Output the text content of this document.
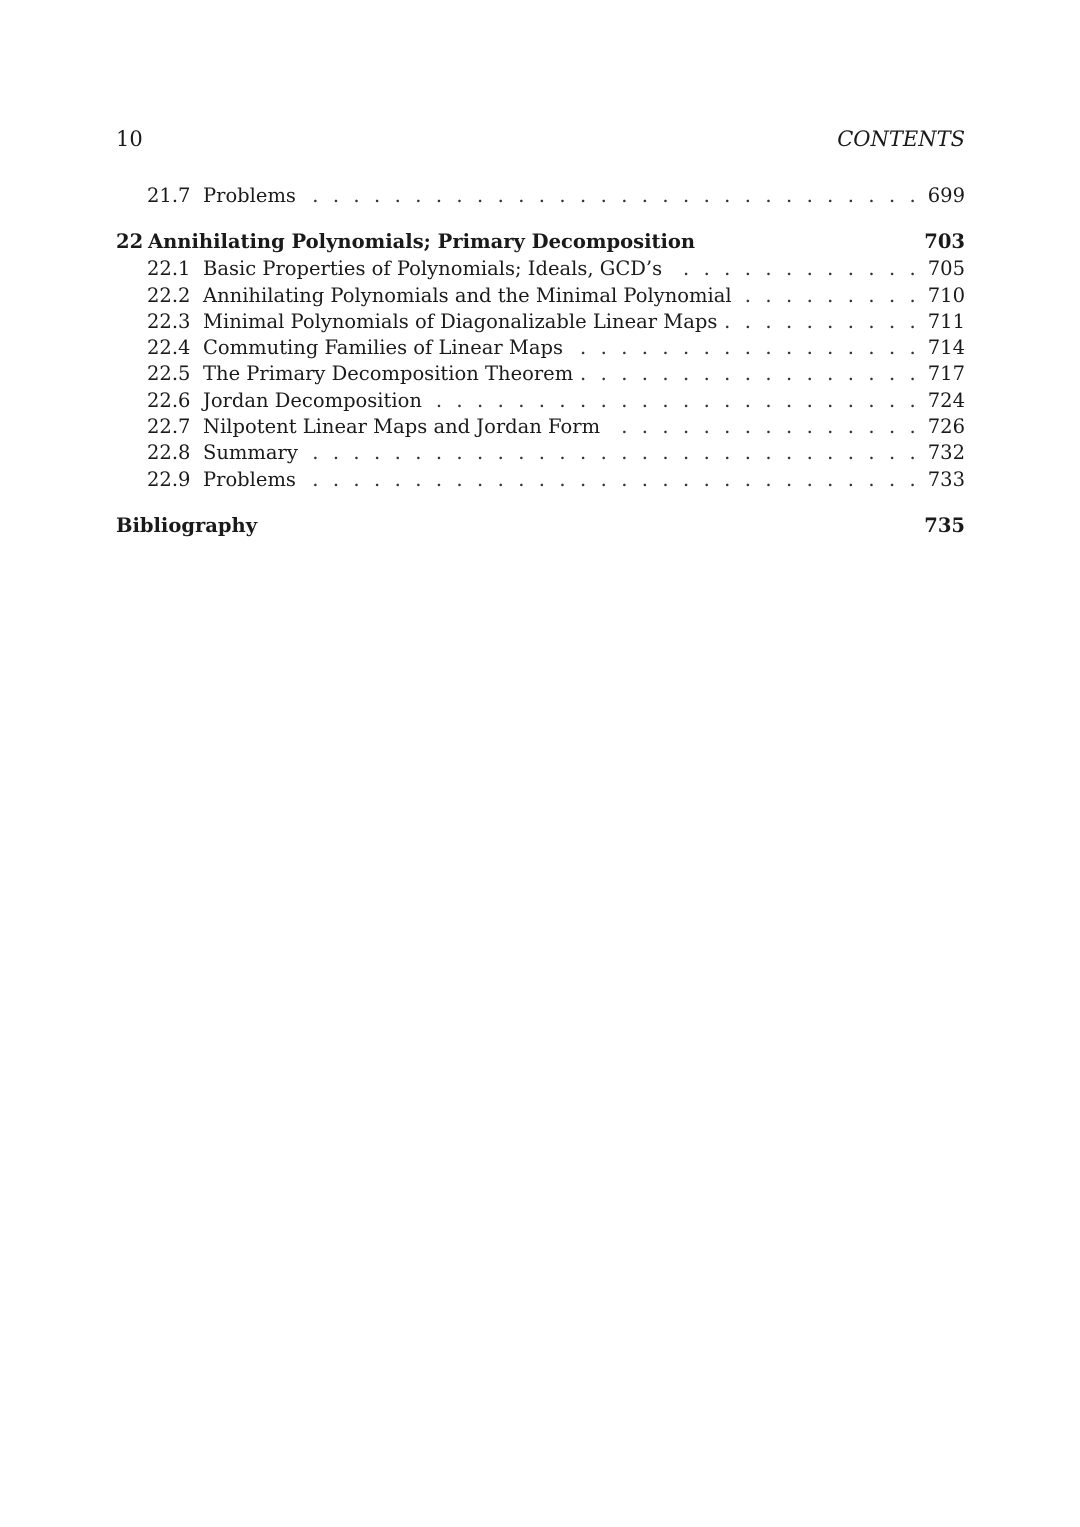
10	CONTENTS
21.7 Problems . . .	699
22 Annihilating Polynomials; Primary Decomposition	703
22.1 Basic Properties of Polynomials; Ideals, GCD’s . . .	705
22.2 Annihilating Polynomials and the Minimal Polynomial . . .	710
22.3 Minimal Polynomials of Diagonalizable Linear Maps . . .	711
22.4 Commuting Families of Linear Maps . . .	714
22.5 The Primary Decomposition Theorem . . .	717
22.6 Jordan Decomposition . . .	724
22.7 Nilpotent Linear Maps and Jordan Form . . .	726
22.8 Summary . . .	732
22.9 Problems . . .	733
Bibliography	735
